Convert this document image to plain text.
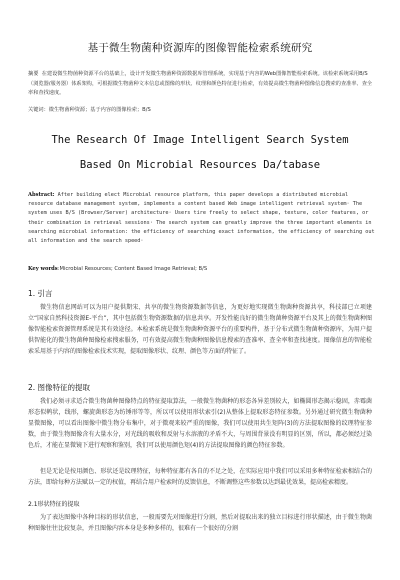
基于微生物菌种资源库的图像智能检索系统研究
摘要 在建设微生物菌种资源平台的基础上，设计开发微生物菌种资源数据库管理系统，实现基于内容的Web图像智能检索系统。该检索系统采用B/S（浏览器/服务器）体系架构，可根据微生物菌种文本信息或图像的形状、纹理和颜色特征进行检索，有效提高微生物菌种图像信息搜索的查准率、查全率和查找速度。
关键词：微生物菌种资源；基于内容的图像检索；B/S
The Research Of Image Intelligent Search System
Based On Microbial Resources Da/tabase
Abstract: After building elect Microbial resource platform, this paper develops a distributed microbial resource database management system, implements a content based Web image intelligent retrieval system· The system uses B/S (Browser/Server) architecture· Users tire freely to select shape, texture, color features, or their combination in retrieval sessions· The search system can greatly improve the three important elements in searching microbial information: the efficiency of searching exact information, the efficiency of searching out all information and the search speed·
Key words:Microbial Resources; Content Based Image Retrieval; B/S
1. 引言
微生物信息网站可以为用户提供期宋、共享的微生物资源数据等信息，为更好地实现微生物菌种资源共享，科技部已立项建立“国家自然科技资源E-平台”，其中包括微生物资源数据的信息共享。开发性能良好的微生物菌种资源平台及其上的微生物菌种图像智能检索资源管理系统是其有效途径。本检索系统是微生物菌种资源平台的重要构件，基于分布式微生物菌种资源库，为用户提供智能化的微生物菌种图像检索搜索服务，可有效提高微生物菌种图像信息搜索的查准率、查全率和查找速度。图像信息的智能检索采用基于内容的图像检索技术实现，提取图像形状、纹理、颜色等方面的特征了。
2. 图像特征的提取
我们必须寻求适合微生物菌种图像特点的特征提取算法，一般微生物菌种的形态各异差别较大，如椭圆形态揭示稳固，赤霉菌形态似鹌状，线形，螺旋菌形态为纺锤形等等，所以可以使用形状索引(2)从整体上提取形态特征参数。另外通过研究微生物菌种显微图像，可以看出图像中微生物分布集中，对于微观来较严重的图像，我们可以使用共生矩阵(3)的方法提取图像的纹理特征参数，由于微生物图像含有大量水分，对光线的吸收和反射与水溶液的矛盾不大，与周围背景没有明显的区别，所以，都必须经过染色后，才能在显微镜下进行观察和鉴别，我们可以使用颜色矩(4)的方法提取图像的颜色特征参数。
但是无论是按用颜色、形状还是纹理特征，每种特征都有各自的不足之处，在实际应用中我们可以采用多种特征检索相结合的方法，即给每种方法赋以一定的权值，再结合用户检索时的反馈信息，不断调整这些参数以达到最优效果，提高检索精度。
2.1形状特征的提取
为了表达图像中各种目标的形状信息，一般需要先对图像进行分割，然后对提取出来的独立目标进行形状描述，由于微生物菌种图像往往比较复杂，并且图像内容本身是多种多样的，很难有一个很好的分割
